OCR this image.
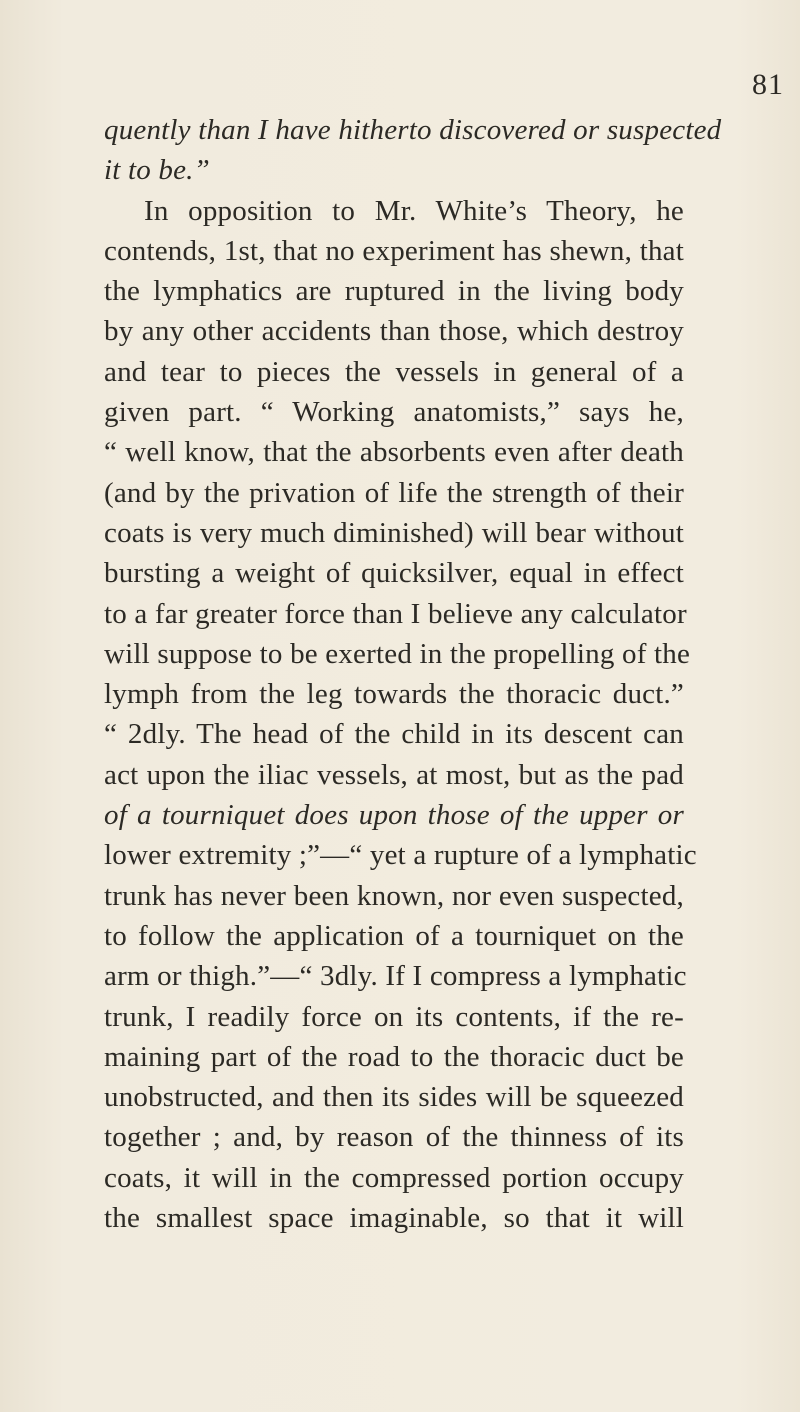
81
quently than I have hitherto discovered or suspected
it to be.”
In opposition to Mr. White’s Theory, he
contends, 1st, that no experiment has shewn, that
the lymphatics are ruptured in the living body
by any other accidents than those, which destroy
and tear to pieces the vessels in general of a
given part. “ Working anatomists,” says he,
“ well know, that the absorbents even after death
(and by the privation of life the strength of their
coats is very much diminished) will bear without
bursting a weight of quicksilver, equal in effect
to a far greater force than I believe any calculator
will suppose to be exerted in the propelling of the
lymph from the leg towards the thoracic duct.”
“ 2dly. The head of the child in its descent can
act upon the iliac vessels, at most, but as the pad
of a tourniquet does upon those of the upper or
lower extremity ;”—“ yet a rupture of a lymphatic
trunk has never been known, nor even suspected,
to follow the application of a tourniquet on the
arm or thigh.”—“ 3dly. If I compress a lymphatic
trunk, I readily force on its contents, if the re-
maining part of the road to the thoracic duct be
unobstructed, and then its sides will be squeezed
together ; and, by reason of the thinness of its
coats, it will in the compressed portion occupy
the smallest space imaginable, so that it will
